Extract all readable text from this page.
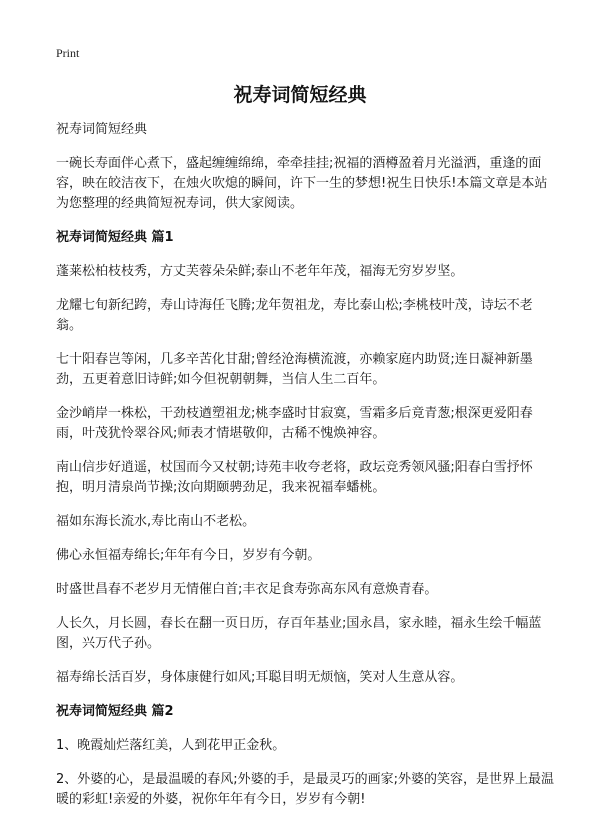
Print
祝寿词简短经典

祝寿词简短经典

一碗长寿面伴心煮下，盛起缠缠绵绵，牵牵挂挂;祝福的酒樽盈着月光溢洒，重逢的面容，映在皎洁夜下，在烛火吹熄的瞬间，许下一生的梦想!祝生日快乐!本篇文章是本站为您整理的经典简短祝寿词，供大家阅读。

祝寿词简短经典 篇1

蓬莱松柏枝枝秀，方丈芙蓉朵朵鲜;泰山不老年年茂，福海无穷岁岁坚。

龙耀七旬新纪跨，寿山诗海任飞腾;龙年贺祖龙，寿比泰山松;李桃枝叶茂，诗坛不老翁。

七十阳春岂等闲，几多辛苦化甘甜;曾经沧海横流渡，亦赖家庭内助贤;连日凝神新墨劲，五更着意旧诗鲜;如今但祝朝朝舞，当信人生二百年。

金沙峭岸一株松，干劲枝遒塑祖龙;桃李盛时甘寂寞，雪霜多后竟青葱;根深更爱阳春雨，叶茂犹怜翠谷风;师表才情堪敬仰，古稀不愧焕神容。

南山信步好逍遥，杖国而今又杖朝;诗苑丰收夸老将，政坛竞秀领风骚;阳春白雪抒怀抱，明月清泉尚节操;汝向期颐骋劲足，我来祝福奉蟠桃。

福如东海长流水,寿比南山不老松。

佛心永恒福寿绵长;年年有今日，岁岁有今朝。

时盛世昌春不老岁月无情催白首;丰衣足食寿弥高东风有意焕青春。

人长久，月长圆，春长在翻一页日历，存百年基业;国永昌，家永睦，福永生绘千幅蓝图，兴万代子孙。

福寿绵长活百岁，身体康健行如风;耳聪目明无烦恼，笑对人生意从容。

祝寿词简短经典 篇2

1、晚霞灿烂落红美，人到花甲正金秋。

2、外婆的心，是最温暖的春风;外婆的手，是最灵巧的画家;外婆的笑容，是世界上最温暖的彩虹!亲爱的外婆，祝你年年有今日，岁岁有今朝!
